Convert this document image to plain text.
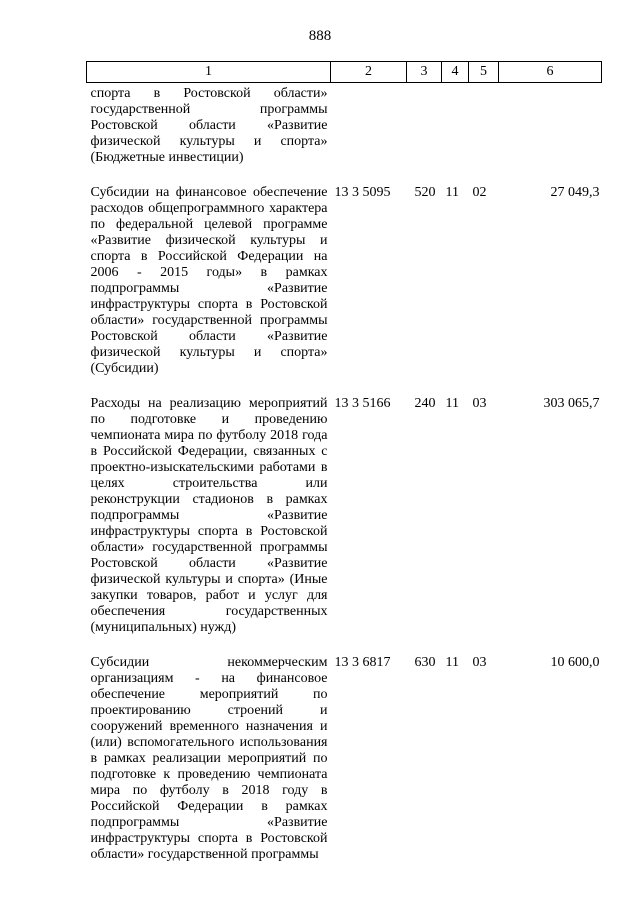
888
1	2	3	4	5	6
спорта в Ростовской области» государственной программы Ростовской области «Развитие физической культуры и спорта» (Бюджетные инвестиции)					
Субсидии на финансовое обеспечение расходов общепрограммного характера по федеральной целевой программе «Развитие физической культуры и спорта в Российской Федерации на 2006 - 2015 годы» в рамках подпрограммы «Развитие инфраструктуры спорта в Ростовской области» государственной программы Ростовской области «Развитие физической культуры и спорта» (Субсидии)	13 3 5095	520	11	02	27 049,3
Расходы на реализацию мероприятий по подготовке и проведению чемпионата мира по футболу 2018 года в Российской Федерации, связанных с проектно-изыскательскими работами в целях строительства или реконструкции стадионов в рамках подпрограммы «Развитие инфраструктуры спорта в Ростовской области» государственной программы Ростовской области «Развитие физической культуры и спорта» (Иные закупки товаров, работ и услуг для обеспечения государственных (муниципальных) нужд)	13 3 5166	240	11	03	303 065,7
Субсидии некоммерческим организациям - на финансовое обеспечение мероприятий по проектированию строений и сооружений временного назначения и (или) вспомогательного использования в рамках реализации мероприятий по подготовке к проведению чемпионата мира по футболу в 2018 году в Российской Федерации в рамках подпрограммы «Развитие инфраструктуры спорта в Ростовской области» государственной программы	13 3 6817	630	11	03	10 600,0
